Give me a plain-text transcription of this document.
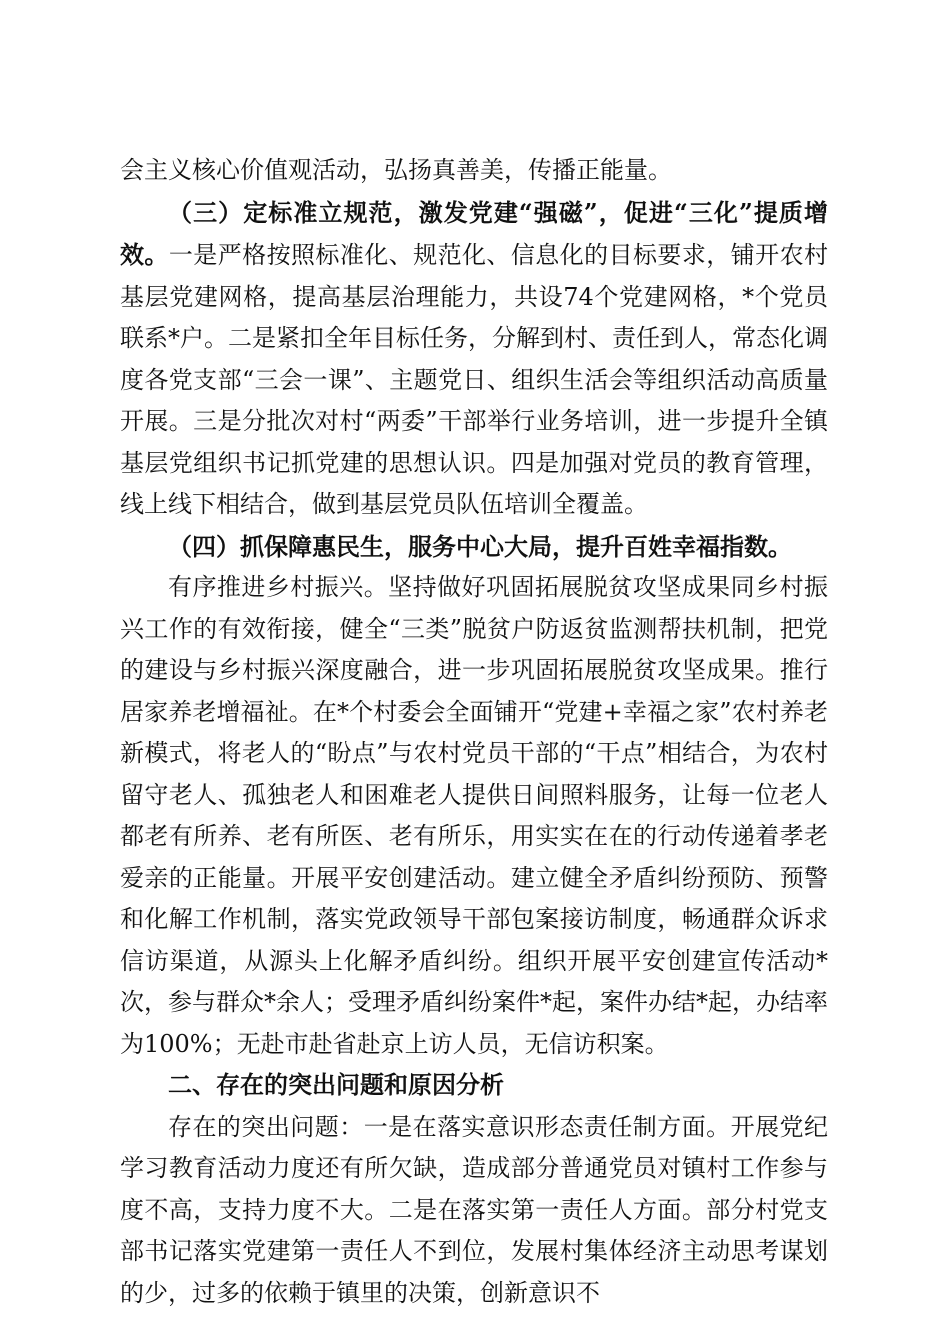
会主义核心价值观活动，弘扬真善美，传播正能量。

（三）定标准立规范，激发党建“强磁”，促进“三化”提质增效。一是严格按照标准化、规范化、信息化的目标要求，铺开农村基层党建网格，提高基层治理能力，共设74个党建网格，*个党员联系*户。二是紧扣全年目标任务，分解到村、责任到人，常态化调度各党支部“三会一课”、主题党日、组织生活会等组织活动高质量开展。三是分批次对村“两委”干部举行业务培训，进一步提升全镇基层党组织书记抓党建的思想认识。四是加强对党员的教育管理，线上线下相结合，做到基层党员队伍培训全覆盖。

（四）抓保障惠民生，服务中心大局，提升百姓幸福指数。

有序推进乡村振兴。坚持做好巩固拓展脱贫攻坚成果同乡村振兴工作的有效衔接，健全“三类”脱贫户防返贫监测帮扶机制，把党的建设与乡村振兴深度融合，进一步巩固拓展脱贫攻坚成果。推行居家养老增福祉。在*个村委会全面铺开“党建+幸福之家”农村养老新模式，将老人的“盼点”与农村党员干部的“干点”相结合，为农村留守老人、孤独老人和困难老人提供日间照料服务，让每一位老人都老有所养、老有所医、老有所乐，用实实在在的行动传递着孝老爱亲的正能量。开展平安创建活动。建立健全矛盾纠纷预防、预警和化解工作机制，落实党政领导干部包案接访制度，畅通群众诉求信访渠道，从源头上化解矛盾纠纷。组织开展平安创建宣传活动*次，参与群众*余人；受理矛盾纠纷案件*起，案件办结*起，办结率为100%；无赴市赴省赴京上访人员，无信访积案。

二、存在的突出问题和原因分析

存在的突出问题：一是在落实意识形态责任制方面。开展党纪学习教育活动力度还有所欠缺，造成部分普通党员对镇村工作参与度不高，支持力度不大。二是在落实第一责任人方面。部分村党支部书记落实党建第一责任人不到位，发展村集体经济主动思考谋划的少，过多的依赖于镇里的决策，创新意识不
